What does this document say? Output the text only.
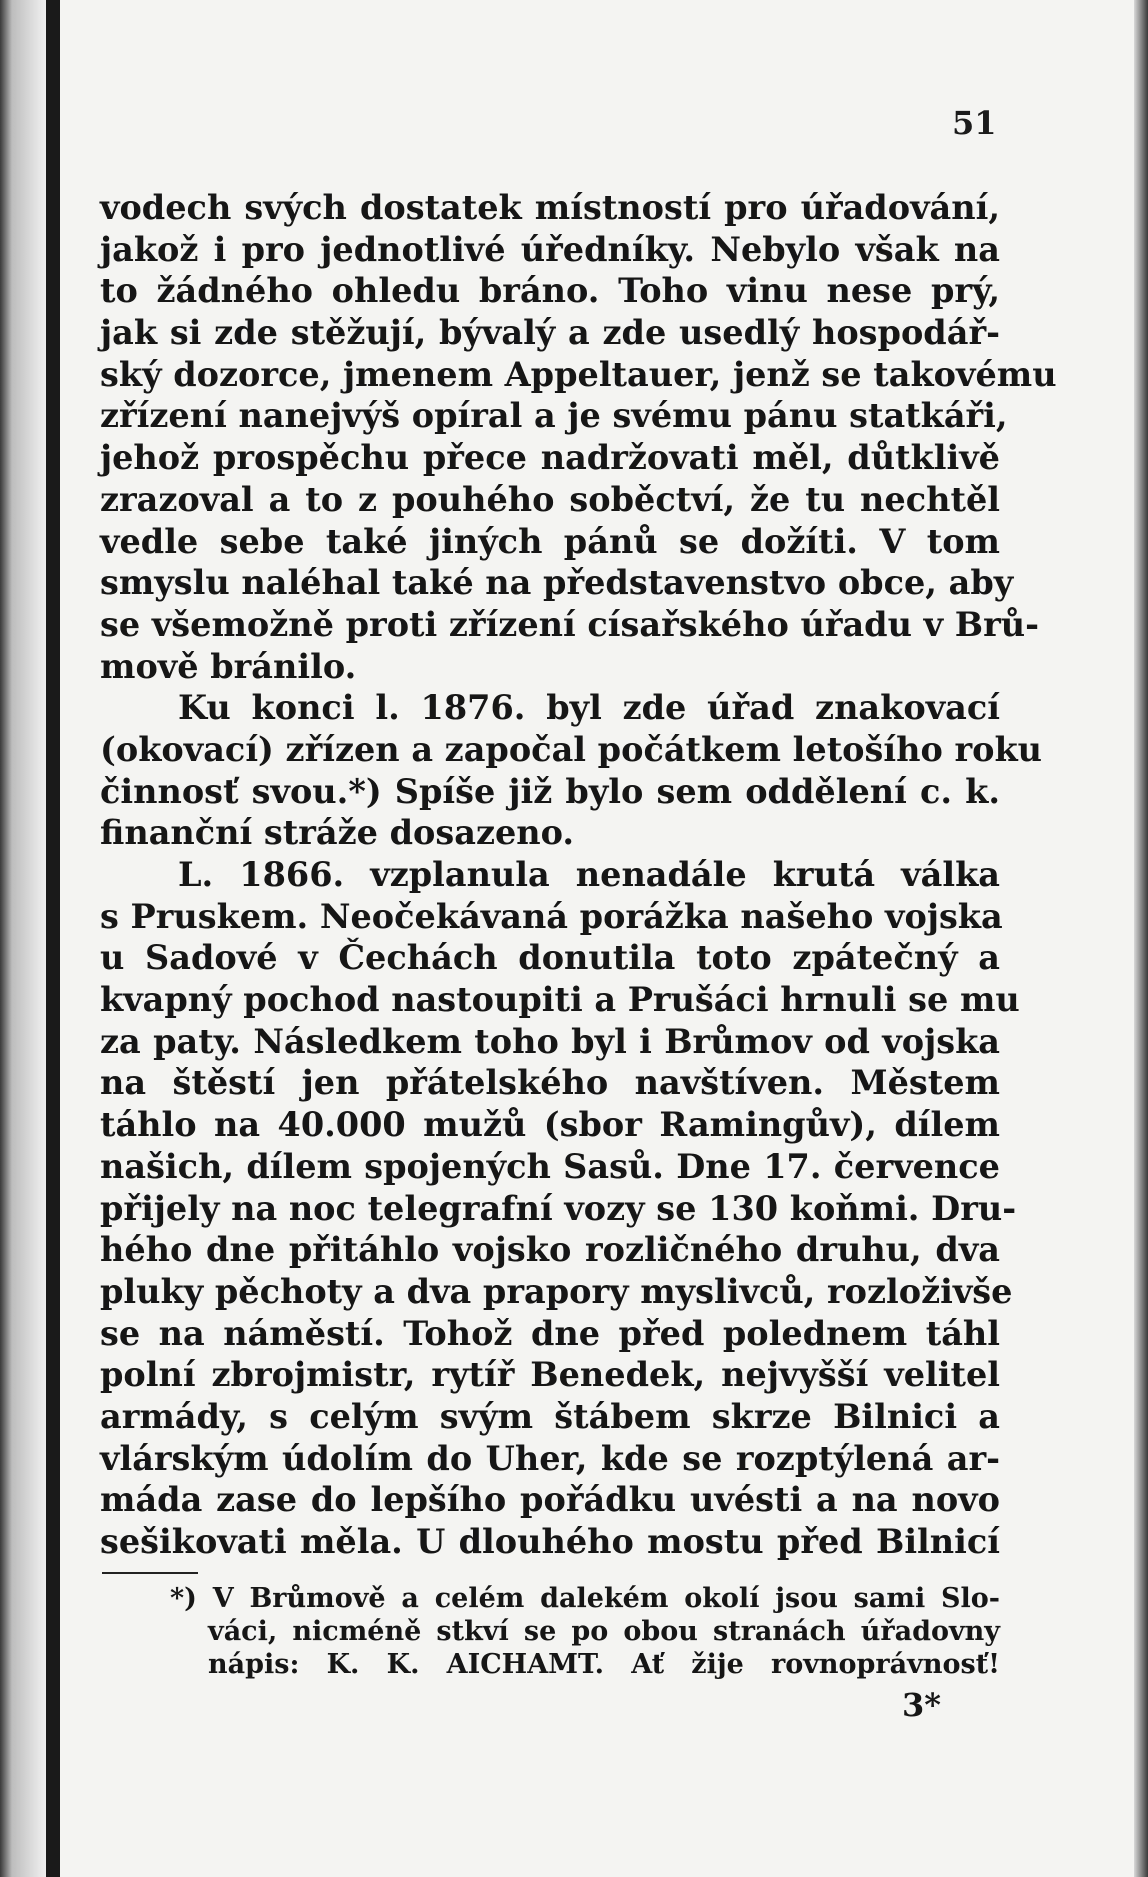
51
vodech svých dostatek místností pro úřadování,
jakož i pro jednotlivé úředníky. Nebylo však na
to žádného ohledu bráno. Toho vinu nese prý,
jak si zde stěžují, bývalý a zde usedlý hospodář-
ský dozorce, jmenem Appeltauer, jenž se takovému
zřízení nanejvýš opíral a je svému pánu statkáři,
jehož prospěchu přece nadržovati měl, důtklivě
zrazoval a to z pouhého soběctví, že tu nechtěl
vedle sebe také jiných pánů se dožíti. V tom
smyslu naléhal také na představenstvo obce, aby
se všemožně proti zřízení císařského úřadu v Brů-
mově bránilo.
Ku konci l. 1876. byl zde úřad znakovací
(okovací) zřízen a započal počátkem letošího roku
činnosť svou.*) Spíše již bylo sem oddělení c. k.
finanční stráže dosazeno.
L. 1866. vzplanula nenadále krutá válka
s Pruskem. Neočekávaná porážka našeho vojska
u Sadové v Čechách donutila toto zpátečný a
kvapný pochod nastoupiti a Prušáci hrnuli se mu
za paty. Následkem toho byl i Brůmov od vojska
na štěstí jen přátelského navštíven. Městem
táhlo na 40.000 mužů (sbor Ramingův), dílem
našich, dílem spojených Sasů. Dne 17. července
přijely na noc telegrafní vozy se 130 koňmi. Dru-
hého dne přitáhlo vojsko rozličného druhu, dva
pluky pěchoty a dva prapory myslivců, rozloživše
se na náměstí. Tohož dne před polednem táhl
polní zbrojmistr, rytíř Benedek, nejvyšší velitel
armády, s celým svým štábem skrze Bilnici a
vlárským údolím do Uher, kde se rozptýlená ar-
máda zase do lepšího pořádku uvésti a na novo
sešikovati měla. U dlouhého mostu před Bilnicí
*) V Brůmově a celém dalekém okolí jsou sami Slo-
váci, nicméně stkví se po obou stranách úřadovny
nápis: K. K. AICHAMT. Ať žije rovnoprávnosť!
3*
